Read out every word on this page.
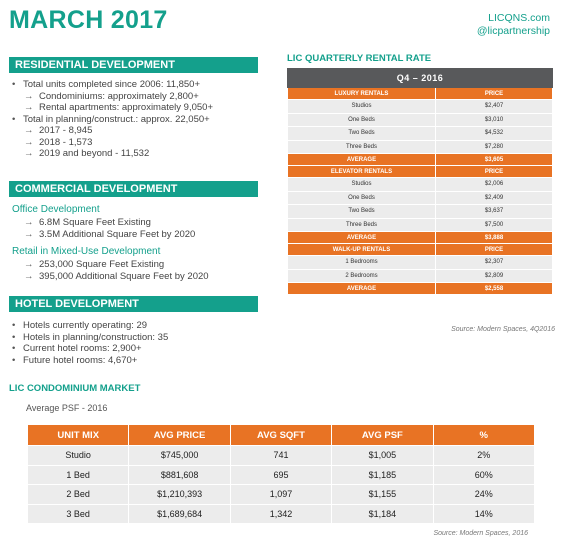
MARCH 2017	LICQNS.com
@licpartnership
RESIDENTIAL DEVELOPMENT
• Total units completed since 2006: 11,850+
→ Condominiums: approximately 2,800+
→ Rental apartments: approximately 9,050+
• Total in planning/construct.: approx. 22,050+
→ 2017 - 8,945
→ 2018 - 1,573
→ 2019 and beyond - 11,532
COMMERCIAL DEVELOPMENT
Office Development
→ 6.8M Square Feet Existing
→ 3.5M Additional Square Feet by 2020
Retail in Mixed-Use Development
→ 253,000 Square Feet Existing
→ 395,000 Additional Square Feet by 2020
HOTEL DEVELOPMENT
• Hotels currently operating: 29
• Hotels in planning/construction: 35
• Current hotel rooms: 2,900+
• Future hotel rooms: 4,670+
LIC QUARTERLY RENTAL RATE
Q4 – 2016	
LUXURY RENTALS	PRICE
Studios	$2,407
One Beds	$3,010
Two Beds	$4,532
Three Beds	$7,280
AVERAGE	$3,605
ELEVATOR RENTALS	PRICE
Studios	$2,006
One Beds	$2,409
Two Beds	$3,637
Three Beds	$7,500
AVERAGE	$3,888
WALK-UP RENTALS	PRICE
1 Bedrooms	$2,307
2 Bedrooms	$2,809
AVERAGE	$2,558
Source: Modern Spaces, 4Q2016
LIC CONDOMINIUM MARKET
Average PSF - 2016
UNIT MIX	AVG PRICE	AVG SQFT	AVG PSF	%
Studio	$745,000	741	$1,005	2%
1 Bed	$881,608	695	$1,185	60%
2 Bed	$1,210,393	1,097	$1,155	24%
3 Bed	$1,689,684	1,342	$1,184	14%
Source: Modern Spaces, 2016
